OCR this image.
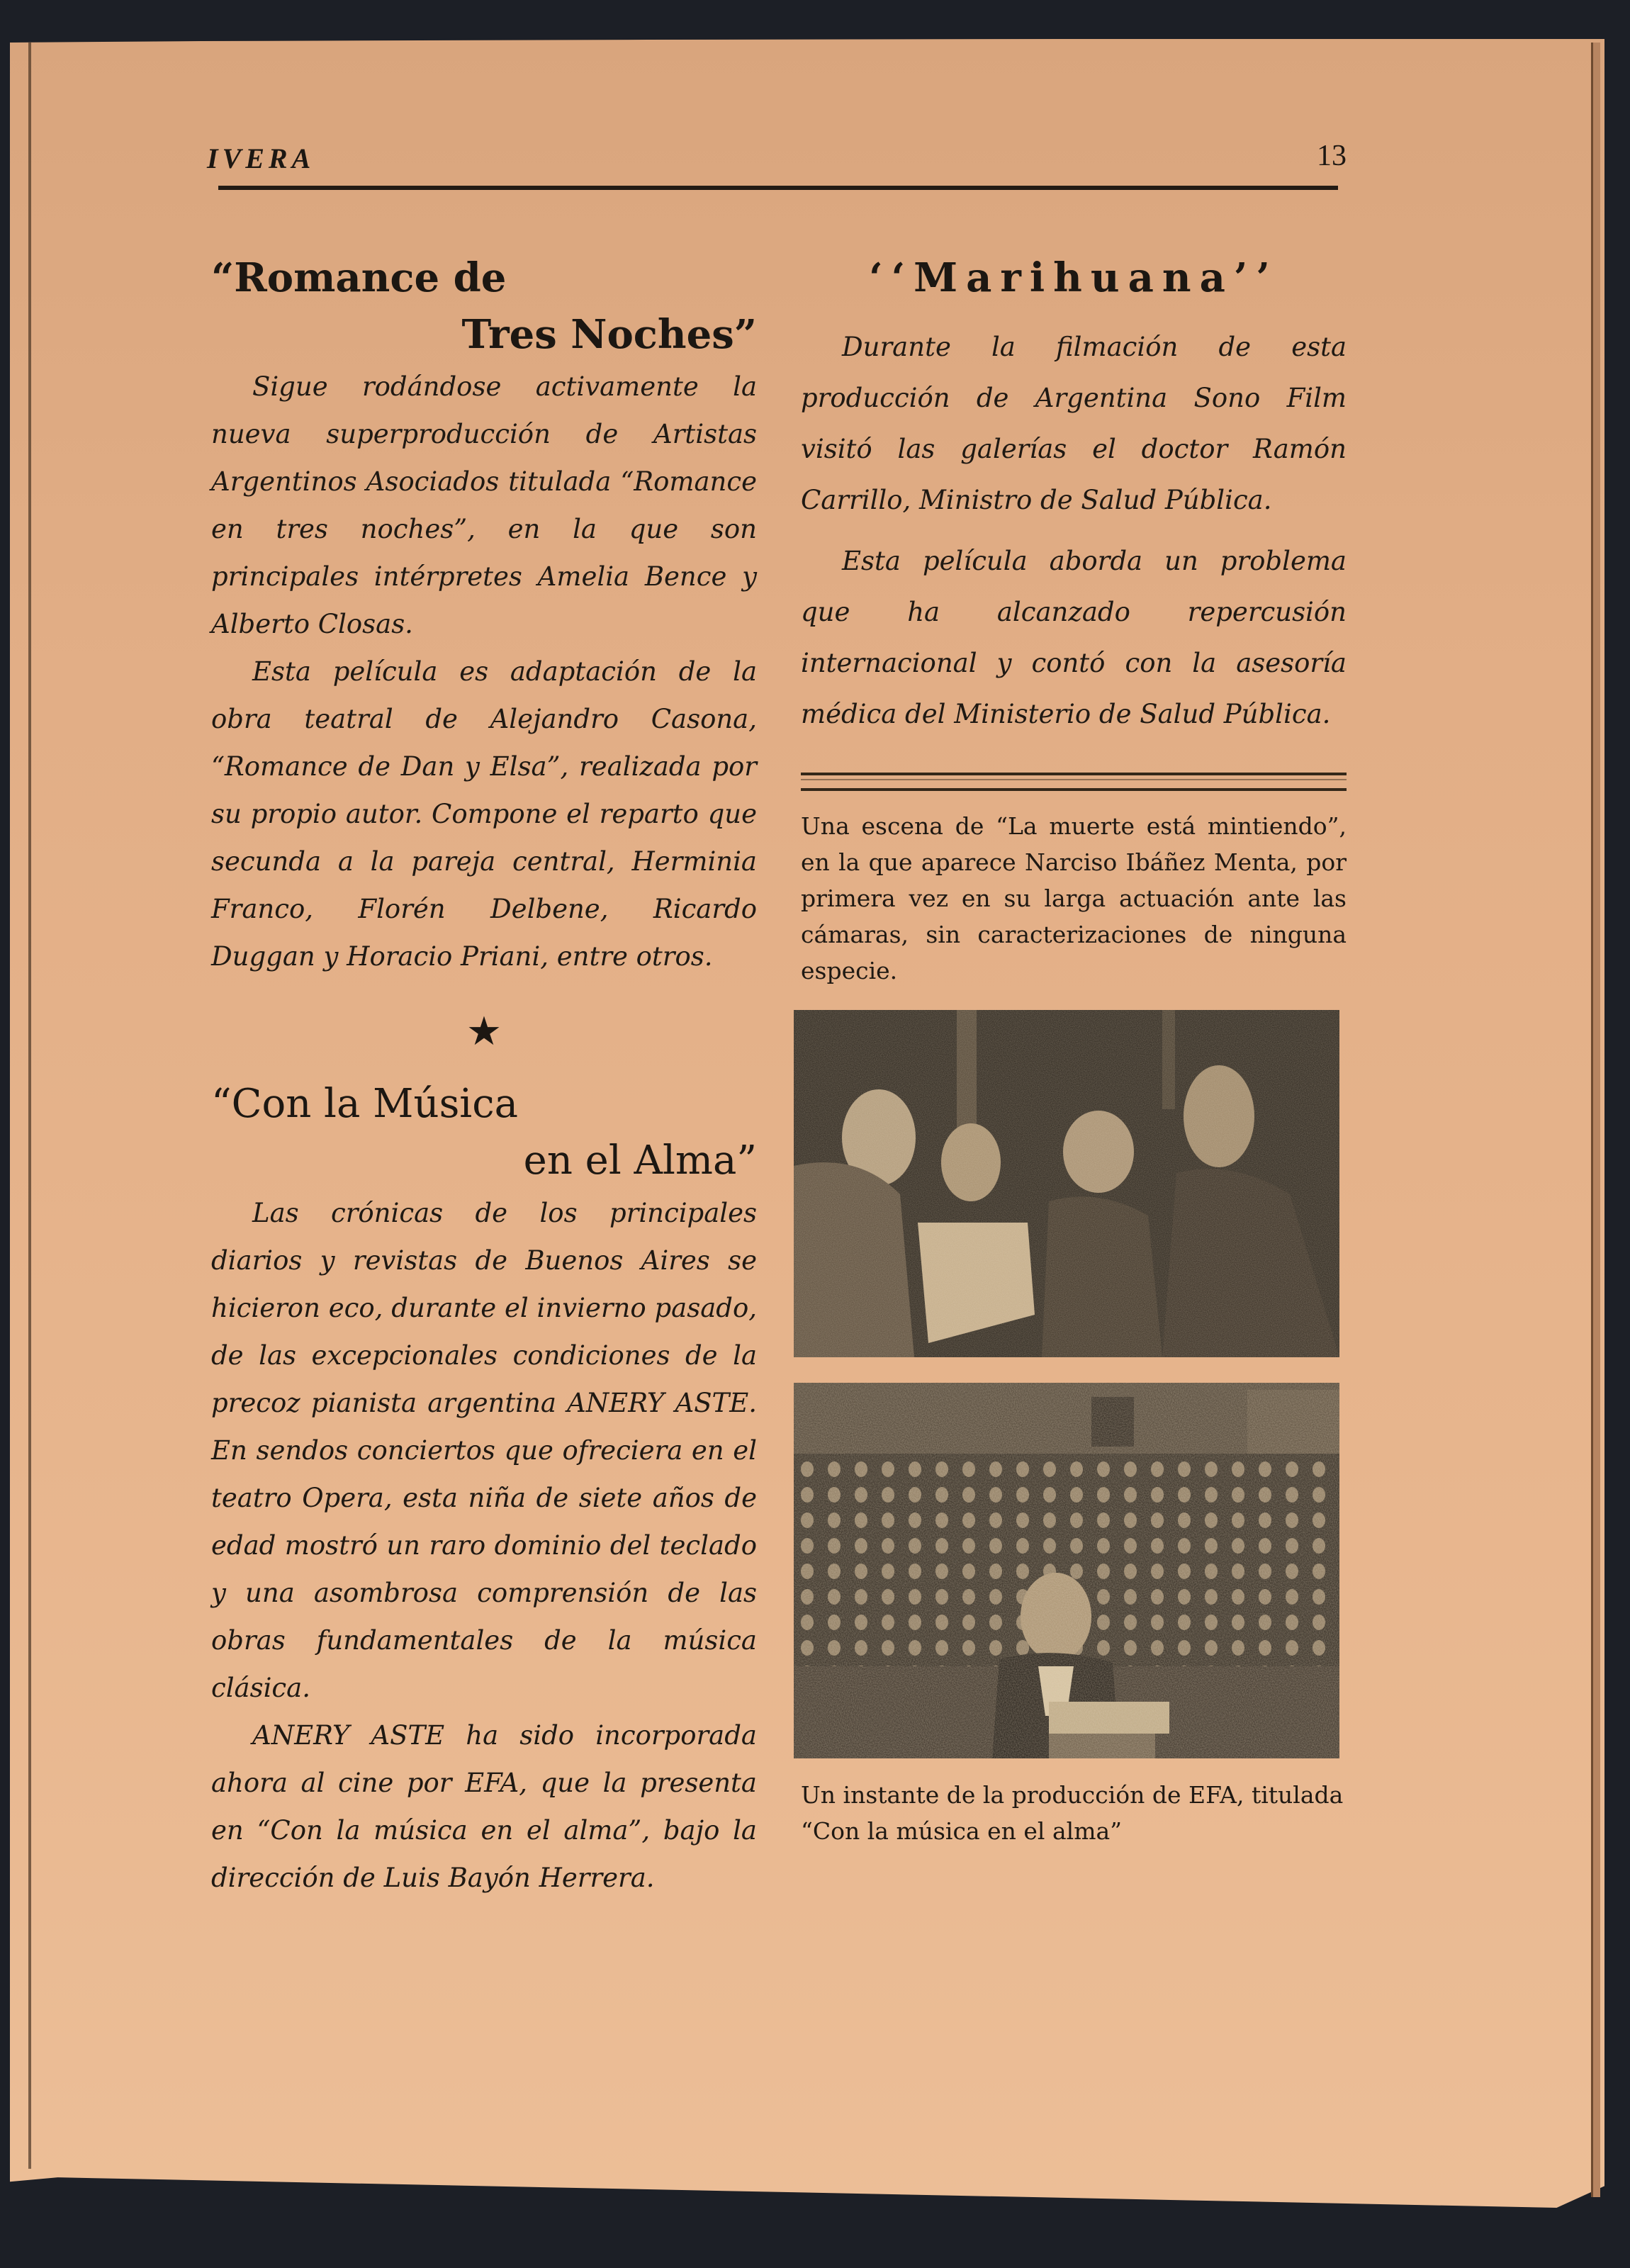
IVERA	13
“Romance de
Tres Noches”

Sigue rodándose activamente la nueva superproducción de Artistas Argentinos Asociados titulada “Romance en tres noches”, en la que son principales intérpretes Amelia Bence y Alberto Closas.

Esta película es adaptación de la obra teatral de Alejandro Casona, “Romance de Dan y Elsa”, realizada por su propio autor. Compone el reparto que secunda a la pareja central, Herminia Franco, Florén Delbene, Ricardo Duggan y Horacio Priani, entre otros.

★
“Con la Música
en el Alma”

Las crónicas de los principales diarios y revistas de Buenos Aires se hicieron eco, durante el invierno pasado, de las excepcionales condiciones de la precoz pianista argentina ANERY ASTE. En sendos conciertos que ofreciera en el teatro Opera, esta niña de siete años de edad mostró un raro dominio del teclado y una asombrosa comprensión de las obras fundamentales de la música clásica.

ANERY ASTE ha sido incorporada ahora al cine por EFA, que la presenta en “Con la música en el alma”, bajo la dirección de Luis Bayón Herrera.

‘‘Marihuana’’

Durante la filmación de esta producción de Argentina Sono Film visitó las galerías el doctor Ramón Carrillo, Ministro de Salud Pública.

Esta película aborda un problema que ha alcanzado repercusión internacional y contó con la asesoría médica del Ministerio de Salud Pública.

Una escena de “La muerte está mintiendo”, en la que aparece Narciso Ibáñez Menta, por primera vez en su larga actuación ante las cámaras, sin caracterizaciones de ninguna especie.

Un instante de la producción de EFA, titulada “Con la música en el alma”
